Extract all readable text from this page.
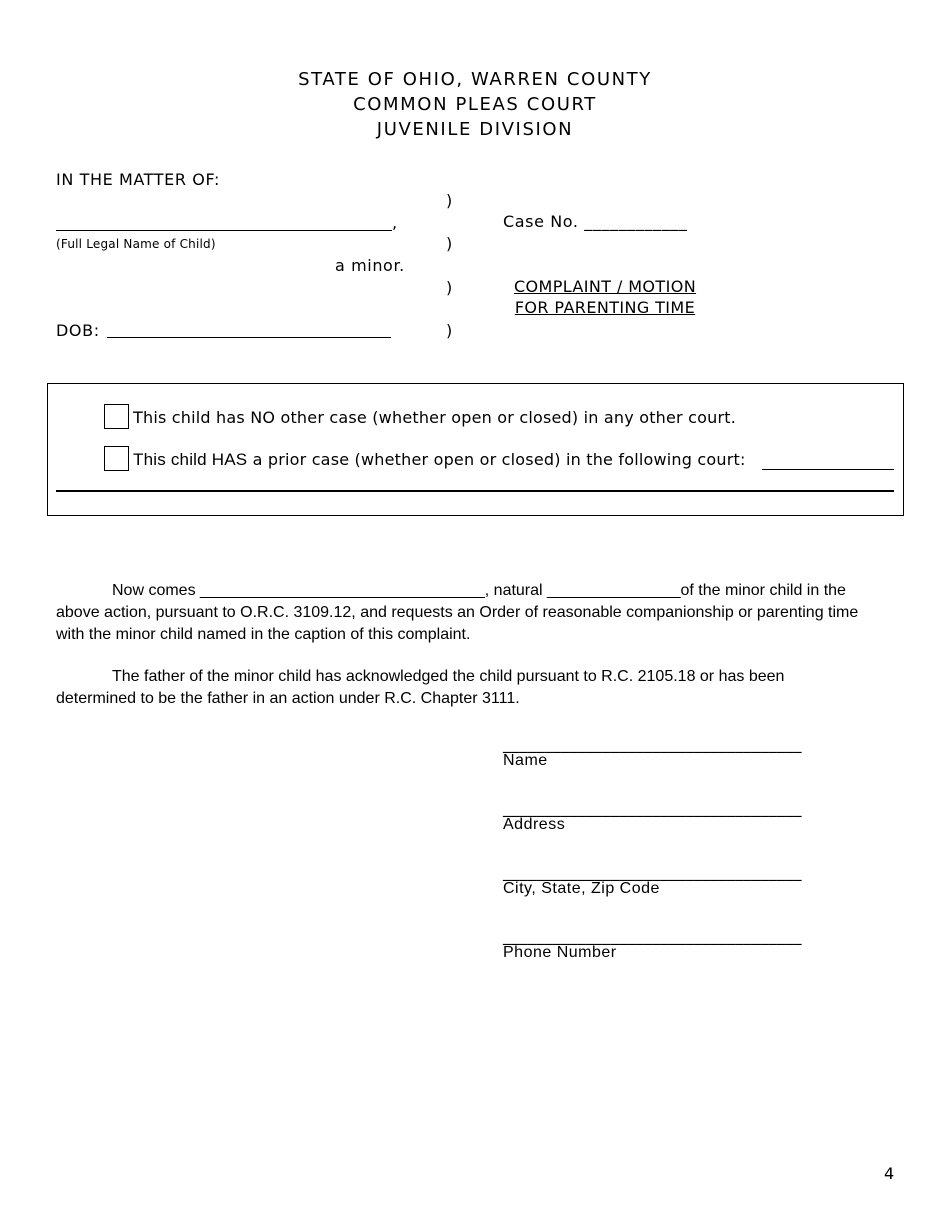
STATE OF OHIO, WARREN COUNTY
COMMON PLEAS COURT
JUVENILE DIVISION
IN THE MATTER OF:
,
(Full Legal Name of Child)
a minor.
DOB:
)
)
)
)
Case No. ____________
COMPLAINT / MOTION
FOR PARENTING TIME
This child has NO other case (whether open or closed) in any other court.
This child HAS a prior case (whether open or closed) in the following court:
Now comes ________________________________, natural _______________of the minor child in the
above action, pursuant to O.R.C. 3109.12, and requests an Order of reasonable companionship or parenting time
with the minor child named in the caption of this complaint.
The father of the minor child has acknowledged the child pursuant to R.C. 2105.18 or has been
determined to be the father in an action under R.C. Chapter 3111.
____________________________________
Name
____________________________________
Address
____________________________________
City, State, Zip Code
____________________________________
Phone Number
4
